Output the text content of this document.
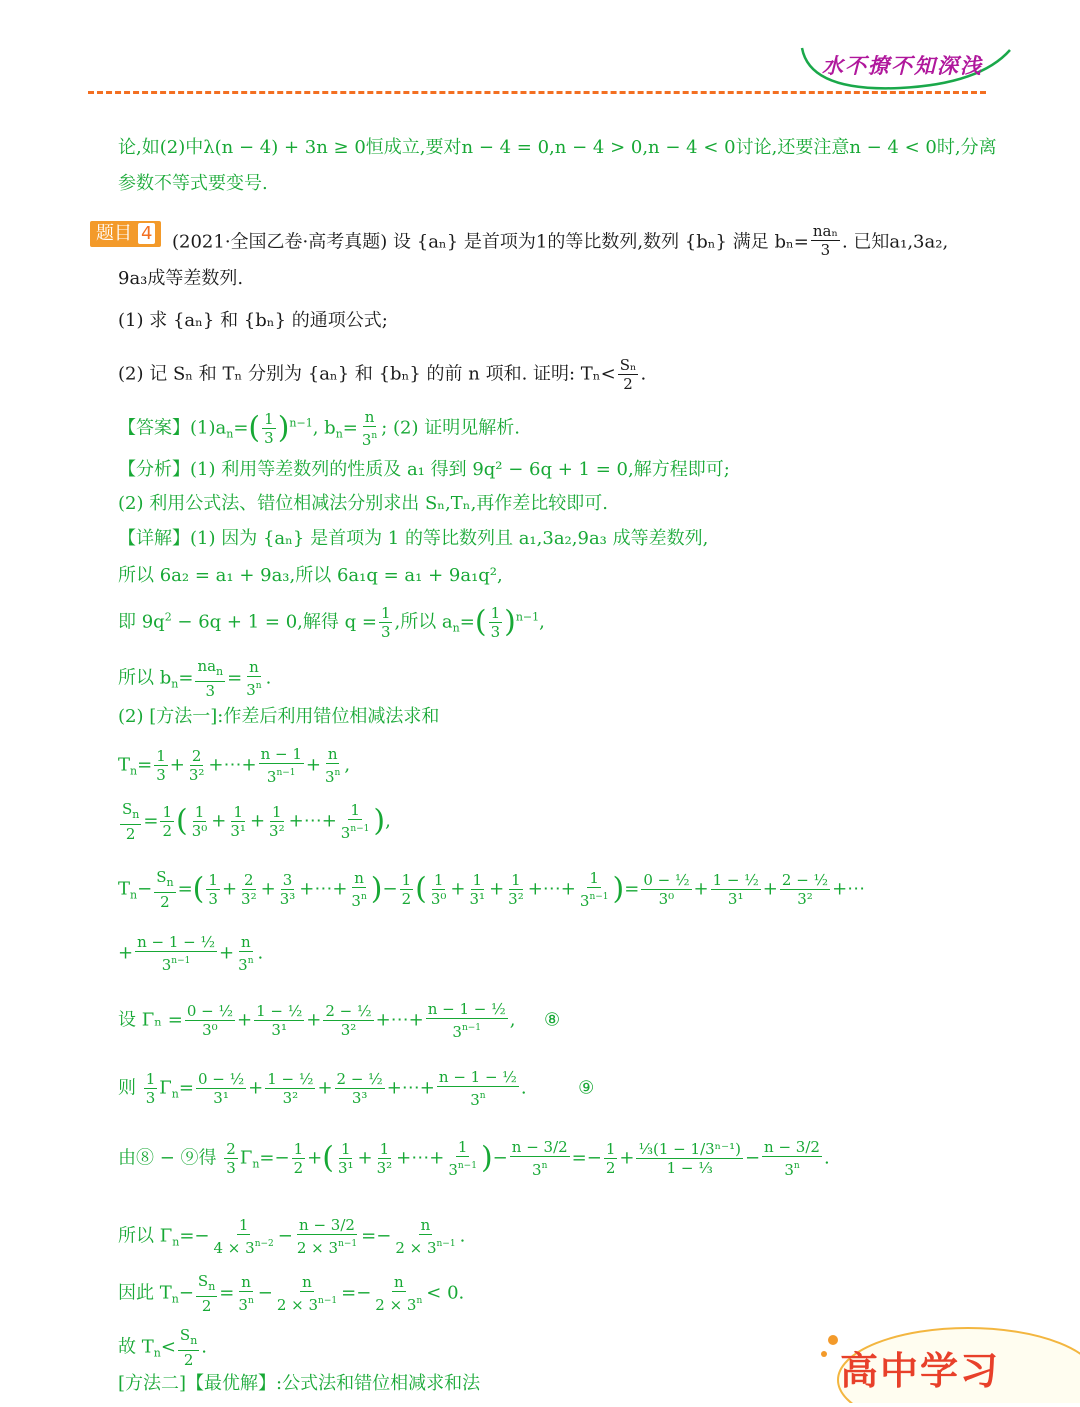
水不撩不知深浅
论,如(2)中λ(n − 4) + 3n ≥ 0恒成立,要对n − 4 = 0,n − 4 > 0,n − 4 < 0讨论,还要注意n − 4 < 0时,分离
参数不等式要变号.
题目 4	(2021·全国乙卷·高考真题) 设 {aₙ} 是首项为1的等比数列,数列 {bₙ} 满足 bₙ=
naₙ
3 . 已知a₁,3a₂,
9a₃成等差数列.
(1) 求 {aₙ} 和 {bₙ} 的通项公式;
(2) 记 Sₙ 和 Tₙ 分别为 {aₙ} 和 {bₙ} 的前 n 项和. 证明: $T_n< \frac{\text{Sₙ}}{2}$ .
【答案】$(1)a_n=( \frac{1}{3} )^{n-1}$, $b_n= \frac{n}{3^n}$ ; (2) 证明见解析.
【分析】(1) 利用等差数列的性质及 a₁ 得到 9q² − 6q + 1 = 0,解方程即可;
(2) 利用公式法、错位相减法分别求出 Sₙ,Tₙ,再作差比较即可.
【详解】(1) 因为 {aₙ} 是首项为 1 的等比数列且 a₁,3a₂,9a₃ 成等差数列,
所以 6a₂ = a₁ + 9a₃,所以 6a₁q = a₁ + 9a₁q²,
即 $9q^2 - 6q + 1 = 0$,解得 $q = \frac{1}{3}$ ,所以 $a_n=( \frac{1}{3} )^{n-1}$,
所以 $b_n=$
$na_n$
3
= $\frac{n}{3^n}$ .
(2) [方法一]:作差后利用错位相减法求和
$T_n= \frac{1}{3} + \frac{2}{\text{3²}}$ +⋯+ $\frac{n - 1}{3^{n-1}} + \frac{n}{3^n}$ ,
$\frac{S_n}{2} = \frac{1}{2}$ ( $\frac{1}{\text{3⁰}} + \frac{1}{\text{3¹}} + \frac{1}{\text{3²}}$ +⋯+ $\frac{1}{3^{n-1}}$ ),
$T_n- \frac{S_n}{2}$ =( $\frac{1}{3} + \frac{2}{\text{3²}} + \frac{3}{\text{3³}}$ +⋯+ $\frac{n}{3^n}$ )− $\frac{1}{2}$ ( $\frac{1}{\text{3⁰}} + \frac{1}{\text{3¹}} + \frac{1}{\text{3²}}$ +⋯+ $\frac{1}{3^{n-1}}$ )= $\frac{\text{0 − ½}}{\text{3⁰}} + \frac{\text{1 − ½}}{\text{3¹}} + \frac{\text{2 − ½}}{\text{3²}}$ +⋯
+ $\frac{\text{n − 1 − ½}}{3^{n-1}} + \frac{n}{3^n}$ .
设 $\Gamma_n = \frac{\text{0 − ½}}{\text{3⁰}} + \frac{\text{1 − ½}}{\text{3¹}} + \frac{\text{2 − ½}}{\text{3²}}$ +⋯+ $\frac{\text{n − 1 − ½}}{3^{n-1}}$ ,     ⑧
则 $\frac{1}{3} \Gamma_n= \frac{\text{0 − ½}}{\text{3¹}} + \frac{\text{1 − ½}}{\text{3²}} + \frac{\text{2 − ½}}{\text{3³}}$ +⋯+ $\frac{\text{n − 1 − ½}}{3^n}$ .         ⑨
由⑧ − ⑨得 $\frac{2}{3} \Gamma_n=- \frac{1}{2}$ +( $\frac{1}{\text{3¹}} + \frac{1}{\text{3²}}$ +⋯+ $\frac{1}{3^{n-1}}$ )− $\frac{n - 3/2}{3^n} =- \frac{1}{2} + \frac{\text{⅓(1 − 1/3ⁿ⁻¹)}}{\text{1 − ⅓}} - \frac{n - 3/2}{3^n}$ .
所以 $\Gamma_n=- \frac{1}{4 \times 3^{n-2}} - \frac{n - 3/2}{2 \times 3^{n-1}} =- \frac{n}{2 \times 3^{n-1}}$ .
因此 $T_n- \frac{S_n}{2} = \frac{n}{3^n} - \frac{n}{2 \times 3^{n-1}} =- \frac{n}{2 \times 3^n} < 0$.
故 $T_n< \frac{S_n}{2}$ .
[方法二]【最优解】:公式法和错位相减求和法	高中学习
